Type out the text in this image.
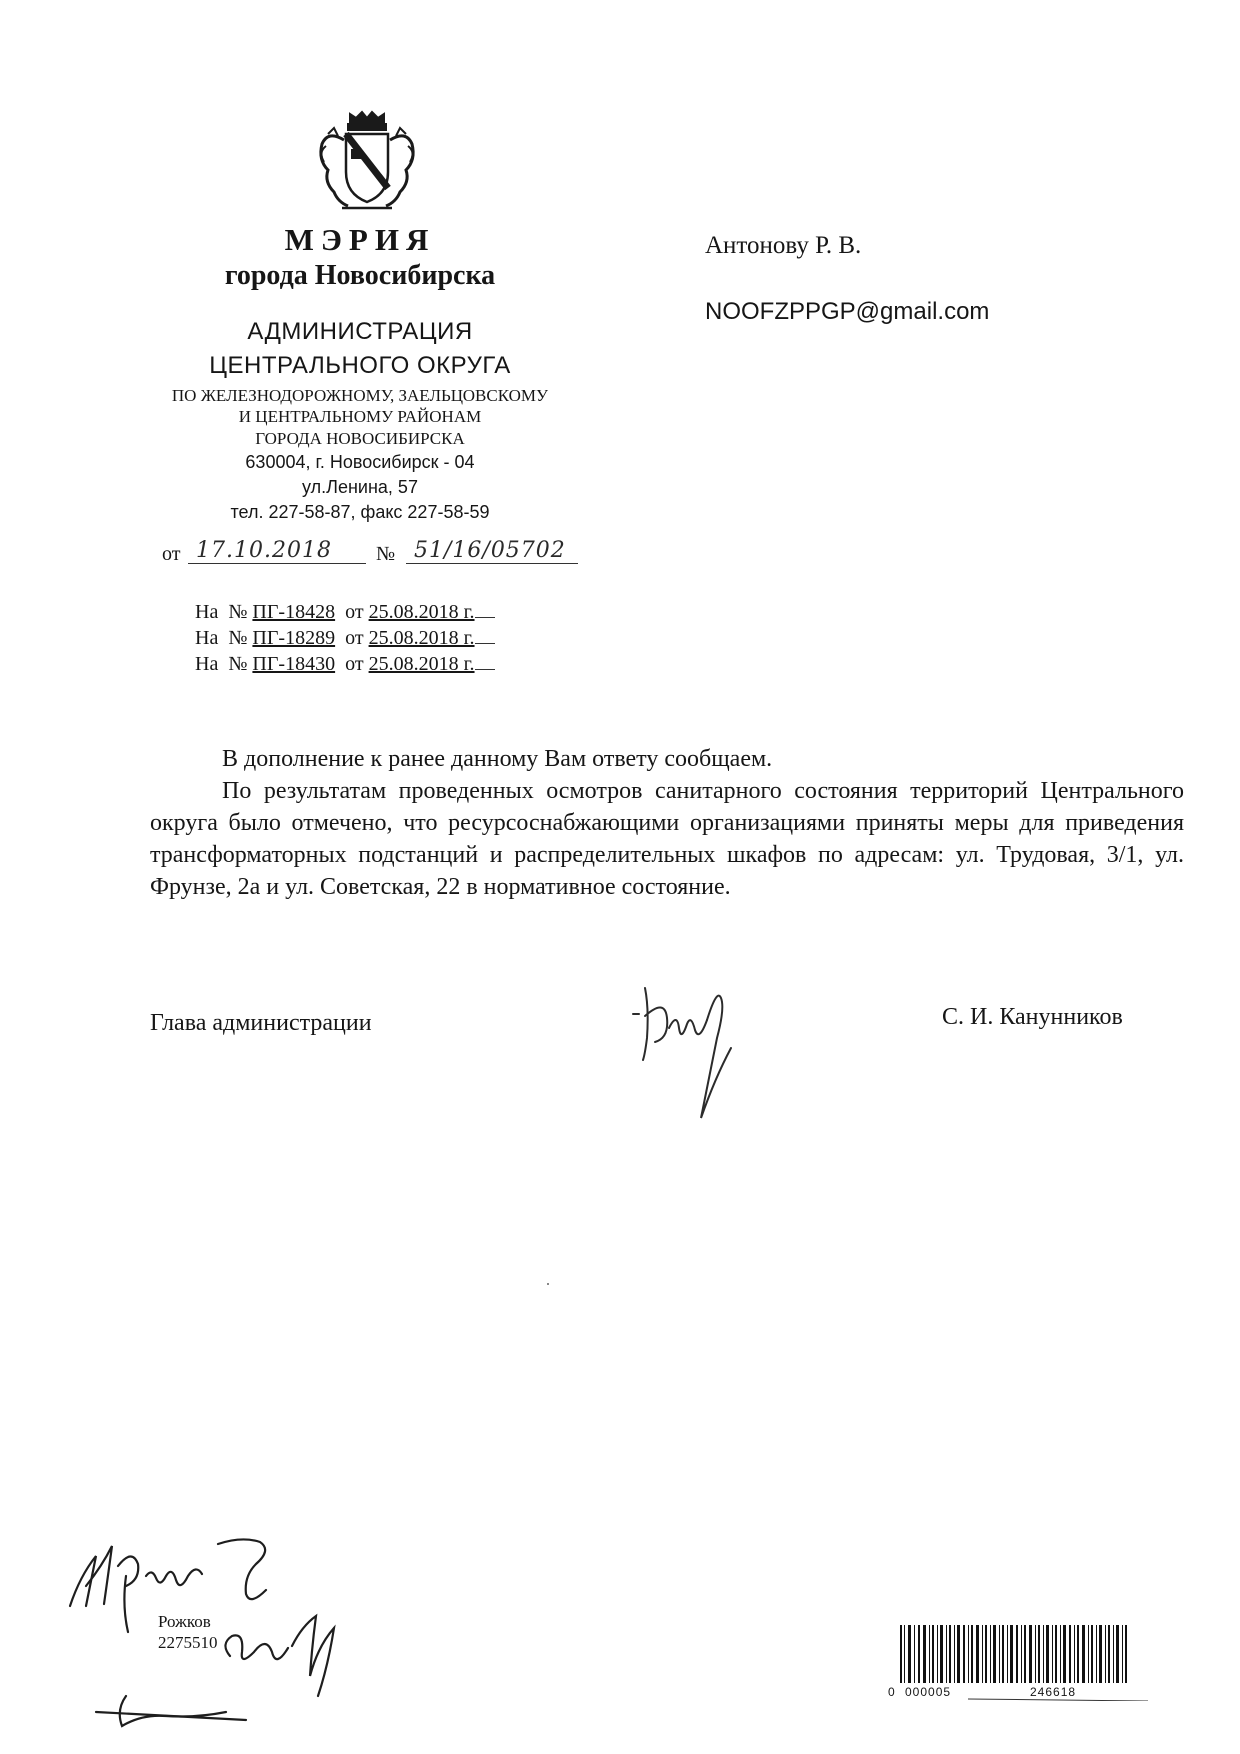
МЭРИЯ
города Новосибирска
АДМИНИСТРАЦИЯ
ЦЕНТРАЛЬНОГО ОКРУГА
ПО ЖЕЛЕЗНОДОРОЖНОМУ, ЗАЕЛЬЦОВСКОМУ
И ЦЕНТРАЛЬНОМУ РАЙОНАМ
ГОРОДА НОВОСИБИРСКА
630004, г. Новосибирск - 04
ул.Ленина, 57
тел. 227-58-87, факс 227-58-59
от 17.10.2018 № 51/16/05702
На № ПГ-18428 от 25.08.2018 г.
На № ПГ-18289 от 25.08.2018 г.
На № ПГ-18430 от 25.08.2018 г.
Антонову Р. В.
NOOFZPPGP@gmail.com

В дополнение к ранее данному Вам ответу сообщаем.

По результатам проведенных осмотров санитарного состояния территорий Центрального округа было отмечено, что ресурсоснабжающими организациями приняты меры для приведения трансформаторных подстанций и распределительных шкафов по адресам: ул. Трудовая, 3/1, ул. Фрунзе, 2а и ул. Советская, 22 в нормативное состояние.

Глава администрации	С. И. Канунников
Рожков
2275510
0 000005	246618
